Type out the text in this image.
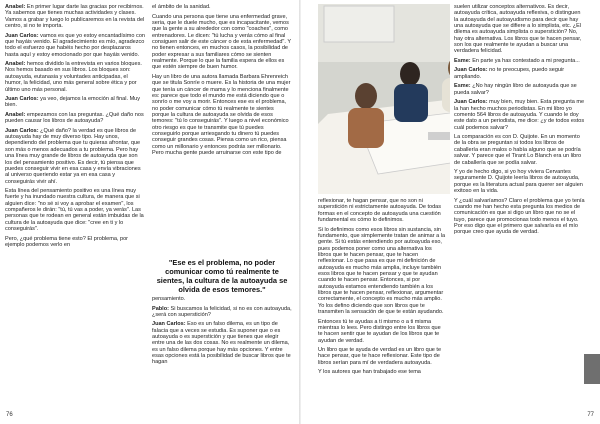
Anabel: En primer lugar darte las gracias por recibirnos. Ya sabemos que tienes muchas actividades y clases. Vamos a grabar y luego lo publicaremos en la revista del centro, si no te importa.

Juan Carlos: vamos es que yo estoy encantadísimo con que hayáis venido. El agradecimiento es mío, agradezco todo el esfuerzo que habéis hecho por desplazaros hasta aquí y estoy emocionado por que hayáis venido.

Anabel: hemos dividido la entrevista en varios bloques. Nos hemos basado en sus libros. Los bloques son: autoayuda, eutanasia y voluntades anticipadas, el humor, la felicidad, uno más general sobre ética y por último uno más personal.

Juan Carlos: ya veo, dejamos la emoción al final. Muy bien.

Anabel: empezamos con las preguntas. ¿Qué daño nos pueden causar los libros de autoayuda?

Juan Carlos: ¿Qué daño? la verdad es que libros de autoayuda hay de muy diverso tipo. Hay unos, dependiendo del problema que tu quieras afrontar, que son más o menos adecuados a tu problema. Pero hay una línea muy grande de libros de autoayuda que son los del pensamiento positivo. Es decir, tú piensa que puedes conseguir vivir en esa casa y envía vibraciones al universo queriendo estar ya en esa casa y conseguirás vivir ahí.

Esta línea del pensamiento positivo es una línea muy fuerte y ha inundado nuestra cultura, de manera que si alguien dice: "no sé si voy a aprobar el examen", los compañeros le dirán: "tú, tú vas a poder, ya verás". Las personas que te rodean en general están imbuidas de la cultura de la autoayuda que dice: "cree en ti y lo conseguirás".

Pero, ¿qué problema tiene esto? El problema, por ejemplo podemos verlo en

el ámbito de la sanidad.

Cuando una persona que tiene una enfermedad grave, seria, que le duele mucho, que es incapacitante, vemos que la gente a su alrededor con como "coaches", como entrenadores. Le dicen: "tú lucha y verás cómo al final consiguen salir de este cáncer o de esta enfermedad". Y no tienen entonces, en muchos casos, la posibilidad de poder expresar a sus familiares cómo se sienten realmente. Porque lo que la familia espera de ellos es que estén siempre de buen humor.

Hay un libro de una autora llamada Barbara Ehrenreich que se titula Sonríe o muere. Es la historia de una mujer que tenía un cáncer de mama y lo menciona finalmente es: parece que todo el mundo me está diciendo que o sonrío o me voy a morir. Entonces ese es el problema, no poder comunicar cómo tú realmente te sientes porque la cultura de autoayuda se olvida de esos temores: "tú lo conseguirás". Y luego a nivel económico otro riesgo es que te transmite que tú puedes conseguirlo porque arriesgando tu dinero tú puedes conseguir grandes cosas. Piensa como un rico, piensa como un millonario y entonces podrás ser millonario. Pero mucha gente puede arruinarse con este tipo de

"Ese es el problema, no poder comunicar como tú realmente te sientes, la cultura de la autoayuda se olvida de esos temores."

pensamiento.

Pablo: Si buscamos la felicidad, si no es con autoayuda, ¿será con superstición?

Juan Carlos: Eso es un falso dilema, es un tipo de falacia que a veces se estudia. Es suponer que o es autoayuda o es superstición y que tienes que elegir entre una de las dos cosas. No es realmente un dilema, es un falso dilema porque hay más opciones. Y entre esas opciones está la posibilidad de buscar libros que te hagan

76

reflexionar, te hagan pensar, que no son ni superstición ni estrictamente autoayuda. De todas formas en el concepto de autoayuda una cuestión fundamental es cómo lo definimos.

Si lo definimos como esos libros sin sustancia, sin fundamento, que simplemente tratan de animar a la gente. Si tú estás entendiendo por autoayuda eso, pues podemos poner como una alternativa los libros que te hacen pensar, que te hacen reflexionar. Lo que pasa es que mi definición de autoayuda es mucho más amplia, incluye también esos libros que te hacen pensar y que te ayudan cuando te hacen pensar. Entonces, si por autoayuda estamos entendiendo también a los libros que te hacen pensar, reflexionar, argumentar correctamente, el concepto es mucho más amplio. Yo los defino diciendo que son libros que te transmiten la sensación de que te están ayudando.

Entonces tú te ayudas a ti mismo o a ti misma mientras lo lees. Pero distingo entre los libros que te hacen sentir que te ayudan de los libros que te ayudan de verdad.

Un libro que te ayuda de verdad es un libro que te hace pensar, que te hace reflexionar. Este tipo de libros serían para mí de verdadera autoayuda.

Y los autores que han trabajado ese tema

suelen utilizar conceptos alternativos. Es decir, autoayuda crítica, autoayuda reflexiva, o distinguen la autoayuda del autoayudismo para decir que hay una autoayuda que se difiere a lo simplista, etc. ¿El dilema es autoayuda simplista o superstición? No, hay otra alternativa. Los libros que te hacen pensar, son los que realmente te ayudan a buscar una verdadera felicidad.

Esme: En parte ya has contestado a mi pregunta...

Juan Carlos: no te preocupes, puedo seguir ampliando.

Esme: ¿No hay ningún libro de autoayuda que se pueda salvar?

Juan Carlos: muy bien, muy bien. Esta pregunta me la han hecho muchos periodistas. En mi libro yo comento 564 libros de autoayuda. Y cuando le doy este dato a un periodista, me dice: ¿y de todos estos cuál podemos salvar?

La comparación es con D. Quijote. En un momento de la obra se preguntan si todos los libros de caballería eran malos o había alguno que se podría salvar. Y parece que el Tirant Lo Blanch era un libro de caballería que se podía salvar.

Y yo de hecho digo, si yo hoy viviera Cervantes seguramente D. Quijote leería libros de autoayuda, porque es la literatura actual para querer ser alguien exitoso en la vida.

Y ¿cuál salvaríamos? Claro el problema que yo tenía cuando me han hecho esta pregunta los medios de comunicación es que si digo un libro que no se el tuyo, parece que promocionas todo menos el tuyo. Por eso digo que el primero que salvaría es el mío porque creo que ayuda de verdad.

77
